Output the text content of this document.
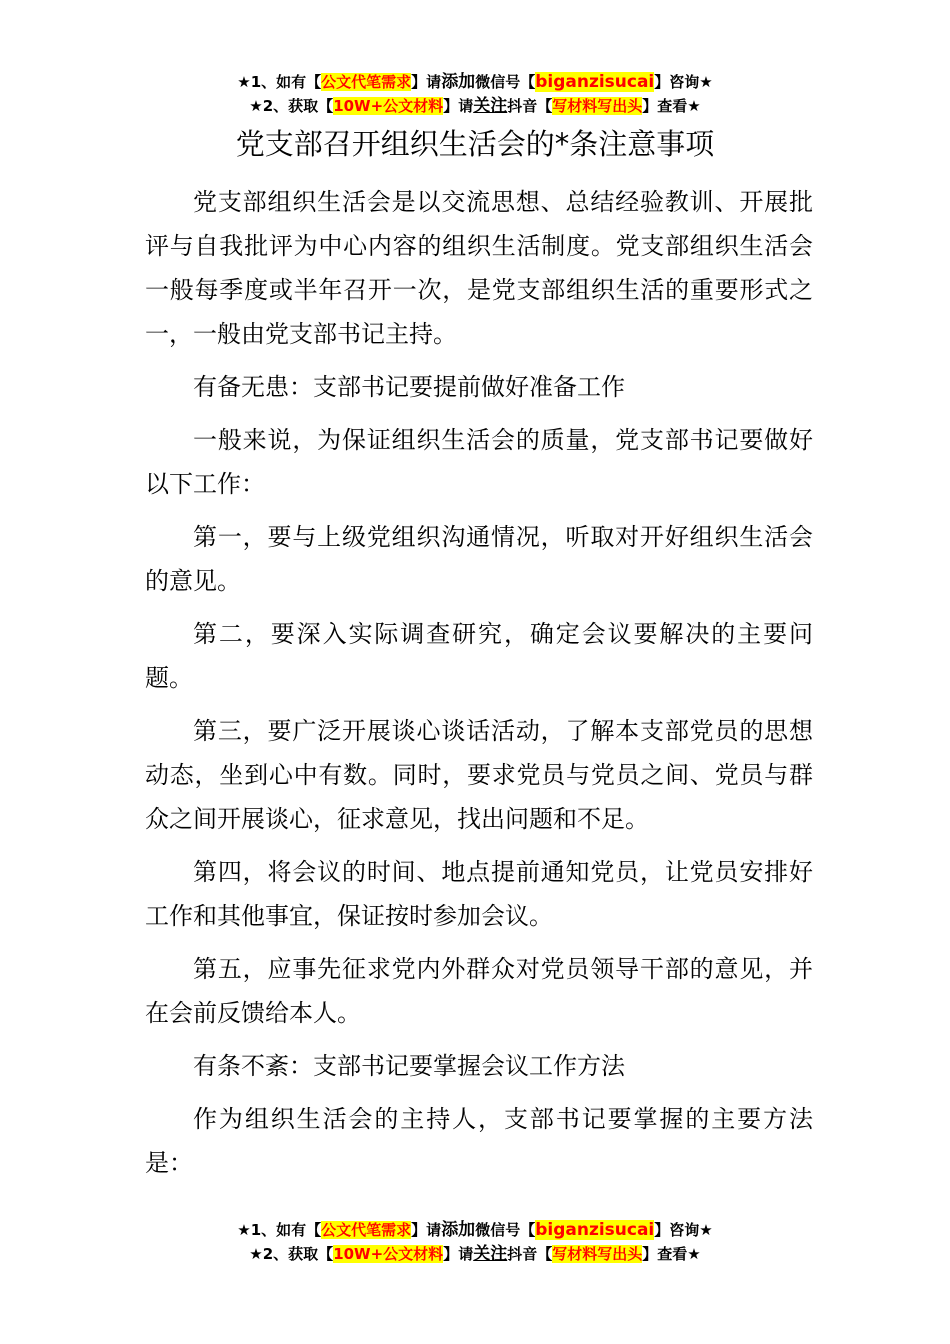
★1、如有【公文代笔需求】请添加微信号【biganzisucai】咨询★
★2、获取【10W+公文材料】请关注抖音【写材料写出头】查看★
党支部召开组织生活会的*条注意事项

党支部组织生活会是以交流思想、总结经验教训、开展批评与自我批评为中心内容的组织生活制度。党支部组织生活会一般每季度或半年召开一次，是党支部组织生活的重要形式之一，一般由党支部书记主持。

有备无患：支部书记要提前做好准备工作

一般来说，为保证组织生活会的质量，党支部书记要做好以下工作：

第一，要与上级党组织沟通情况，听取对开好组织生活会的意见。

第二，要深入实际调查研究，确定会议要解决的主要问题。

第三，要广泛开展谈心谈话活动，了解本支部党员的思想动态，坐到心中有数。同时，要求党员与党员之间、党员与群众之间开展谈心，征求意见，找出问题和不足。

第四，将会议的时间、地点提前通知党员，让党员安排好工作和其他事宜，保证按时参加会议。

第五，应事先征求党内外群众对党员领导干部的意见，并在会前反馈给本人。

有条不紊：支部书记要掌握会议工作方法

作为组织生活会的主持人，支部书记要掌握的主要方法是：

★1、如有【公文代笔需求】请添加微信号【biganzisucai】咨询★
★2、获取【10W+公文材料】请关注抖音【写材料写出头】查看★
